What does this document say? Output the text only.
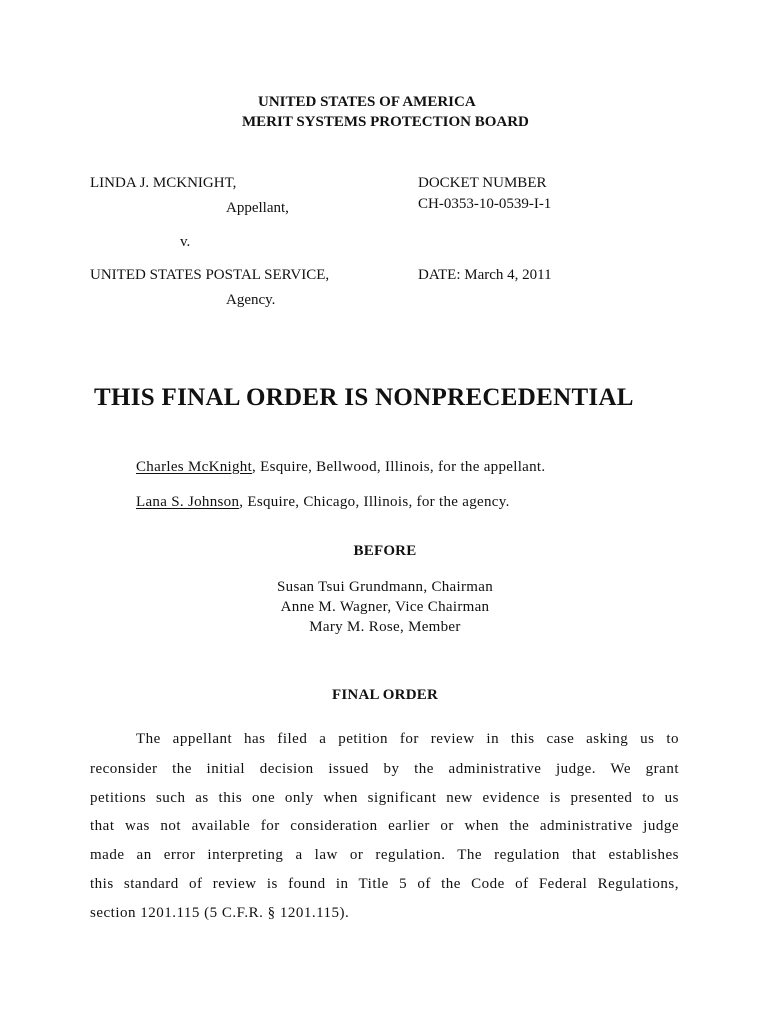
UNITED STATES OF AMERICA
MERIT SYSTEMS PROTECTION BOARD
LINDA J. MCKNIGHT,
Appellant,
DOCKET NUMBER
CH-0353-10-0539-I-1
v.
UNITED STATES POSTAL SERVICE,
Agency.
DATE: March 4, 2011
THIS FINAL ORDER IS NONPRECEDENTIAL
Charles McKnight, Esquire, Bellwood, Illinois, for the appellant.
Lana S. Johnson, Esquire, Chicago, Illinois, for the agency.
BEFORE
Susan Tsui Grundmann, Chairman
Anne M. Wagner, Vice Chairman
Mary M. Rose, Member
FINAL ORDER
The appellant has filed a petition for review in this case asking us to
reconsider the initial decision issued by the administrative judge. We grant
petitions such as this one only when significant new evidence is presented to us
that was not available for consideration earlier or when the administrative judge
made an error interpreting a law or regulation. The regulation that establishes
this standard of review is found in Title 5 of the Code of Federal Regulations,
section 1201.115 (5 C.F.R. § 1201.115).
